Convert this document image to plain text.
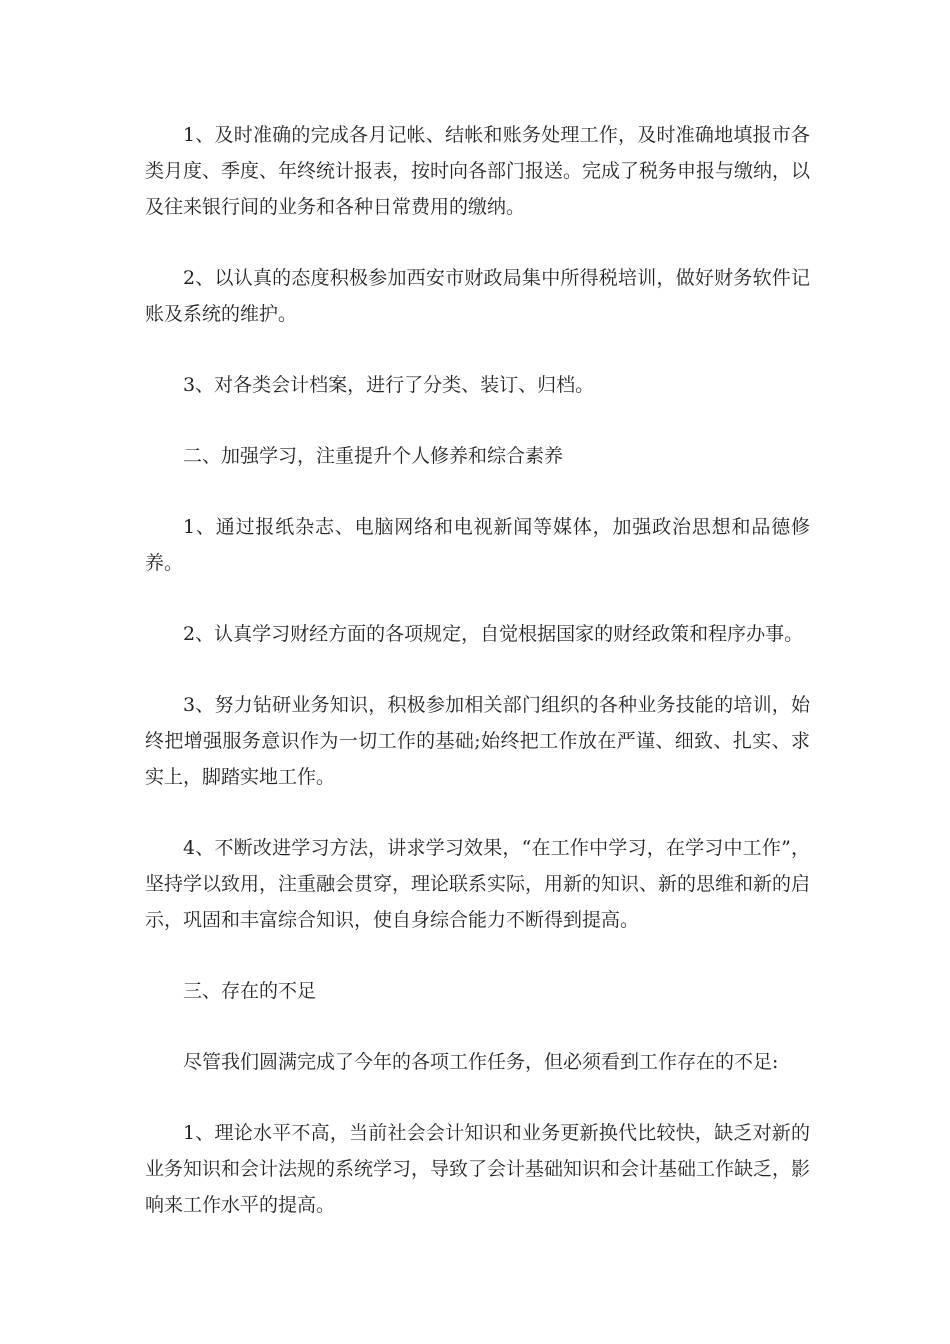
1、及时准确的完成各月记帐、结帐和账务处理工作，及时准确地填报市各类月度、季度、年终统计报表，按时向各部门报送。完成了税务申报与缴纳，以及往来银行间的业务和各种日常费用的缴纳。

2、以认真的态度积极参加西安市财政局集中所得税培训，做好财务软件记账及系统的维护。

3、对各类会计档案，进行了分类、装订、归档。

二、加强学习，注重提升个人修养和综合素养

1、通过报纸杂志、电脑网络和电视新闻等媒体，加强政治思想和品德修养。

2、认真学习财经方面的各项规定，自觉根据国家的财经政策和程序办事。

3、努力钻研业务知识，积极参加相关部门组织的各种业务技能的培训，始终把增强服务意识作为一切工作的基础;始终把工作放在严谨、细致、扎实、求实上，脚踏实地工作。

4、不断改进学习方法，讲求学习效果，“在工作中学习，在学习中工作”，坚持学以致用，注重融会贯穿，理论联系实际，用新的知识、新的思维和新的启示，巩固和丰富综合知识，使自身综合能力不断得到提高。

三、存在的不足

尽管我们圆满完成了今年的各项工作任务，但必须看到工作存在的不足:

1、理论水平不高，当前社会会计知识和业务更新换代比较快，缺乏对新的业务知识和会计法规的系统学习，导致了会计基础知识和会计基础工作缺乏，影响来工作水平的提高。
